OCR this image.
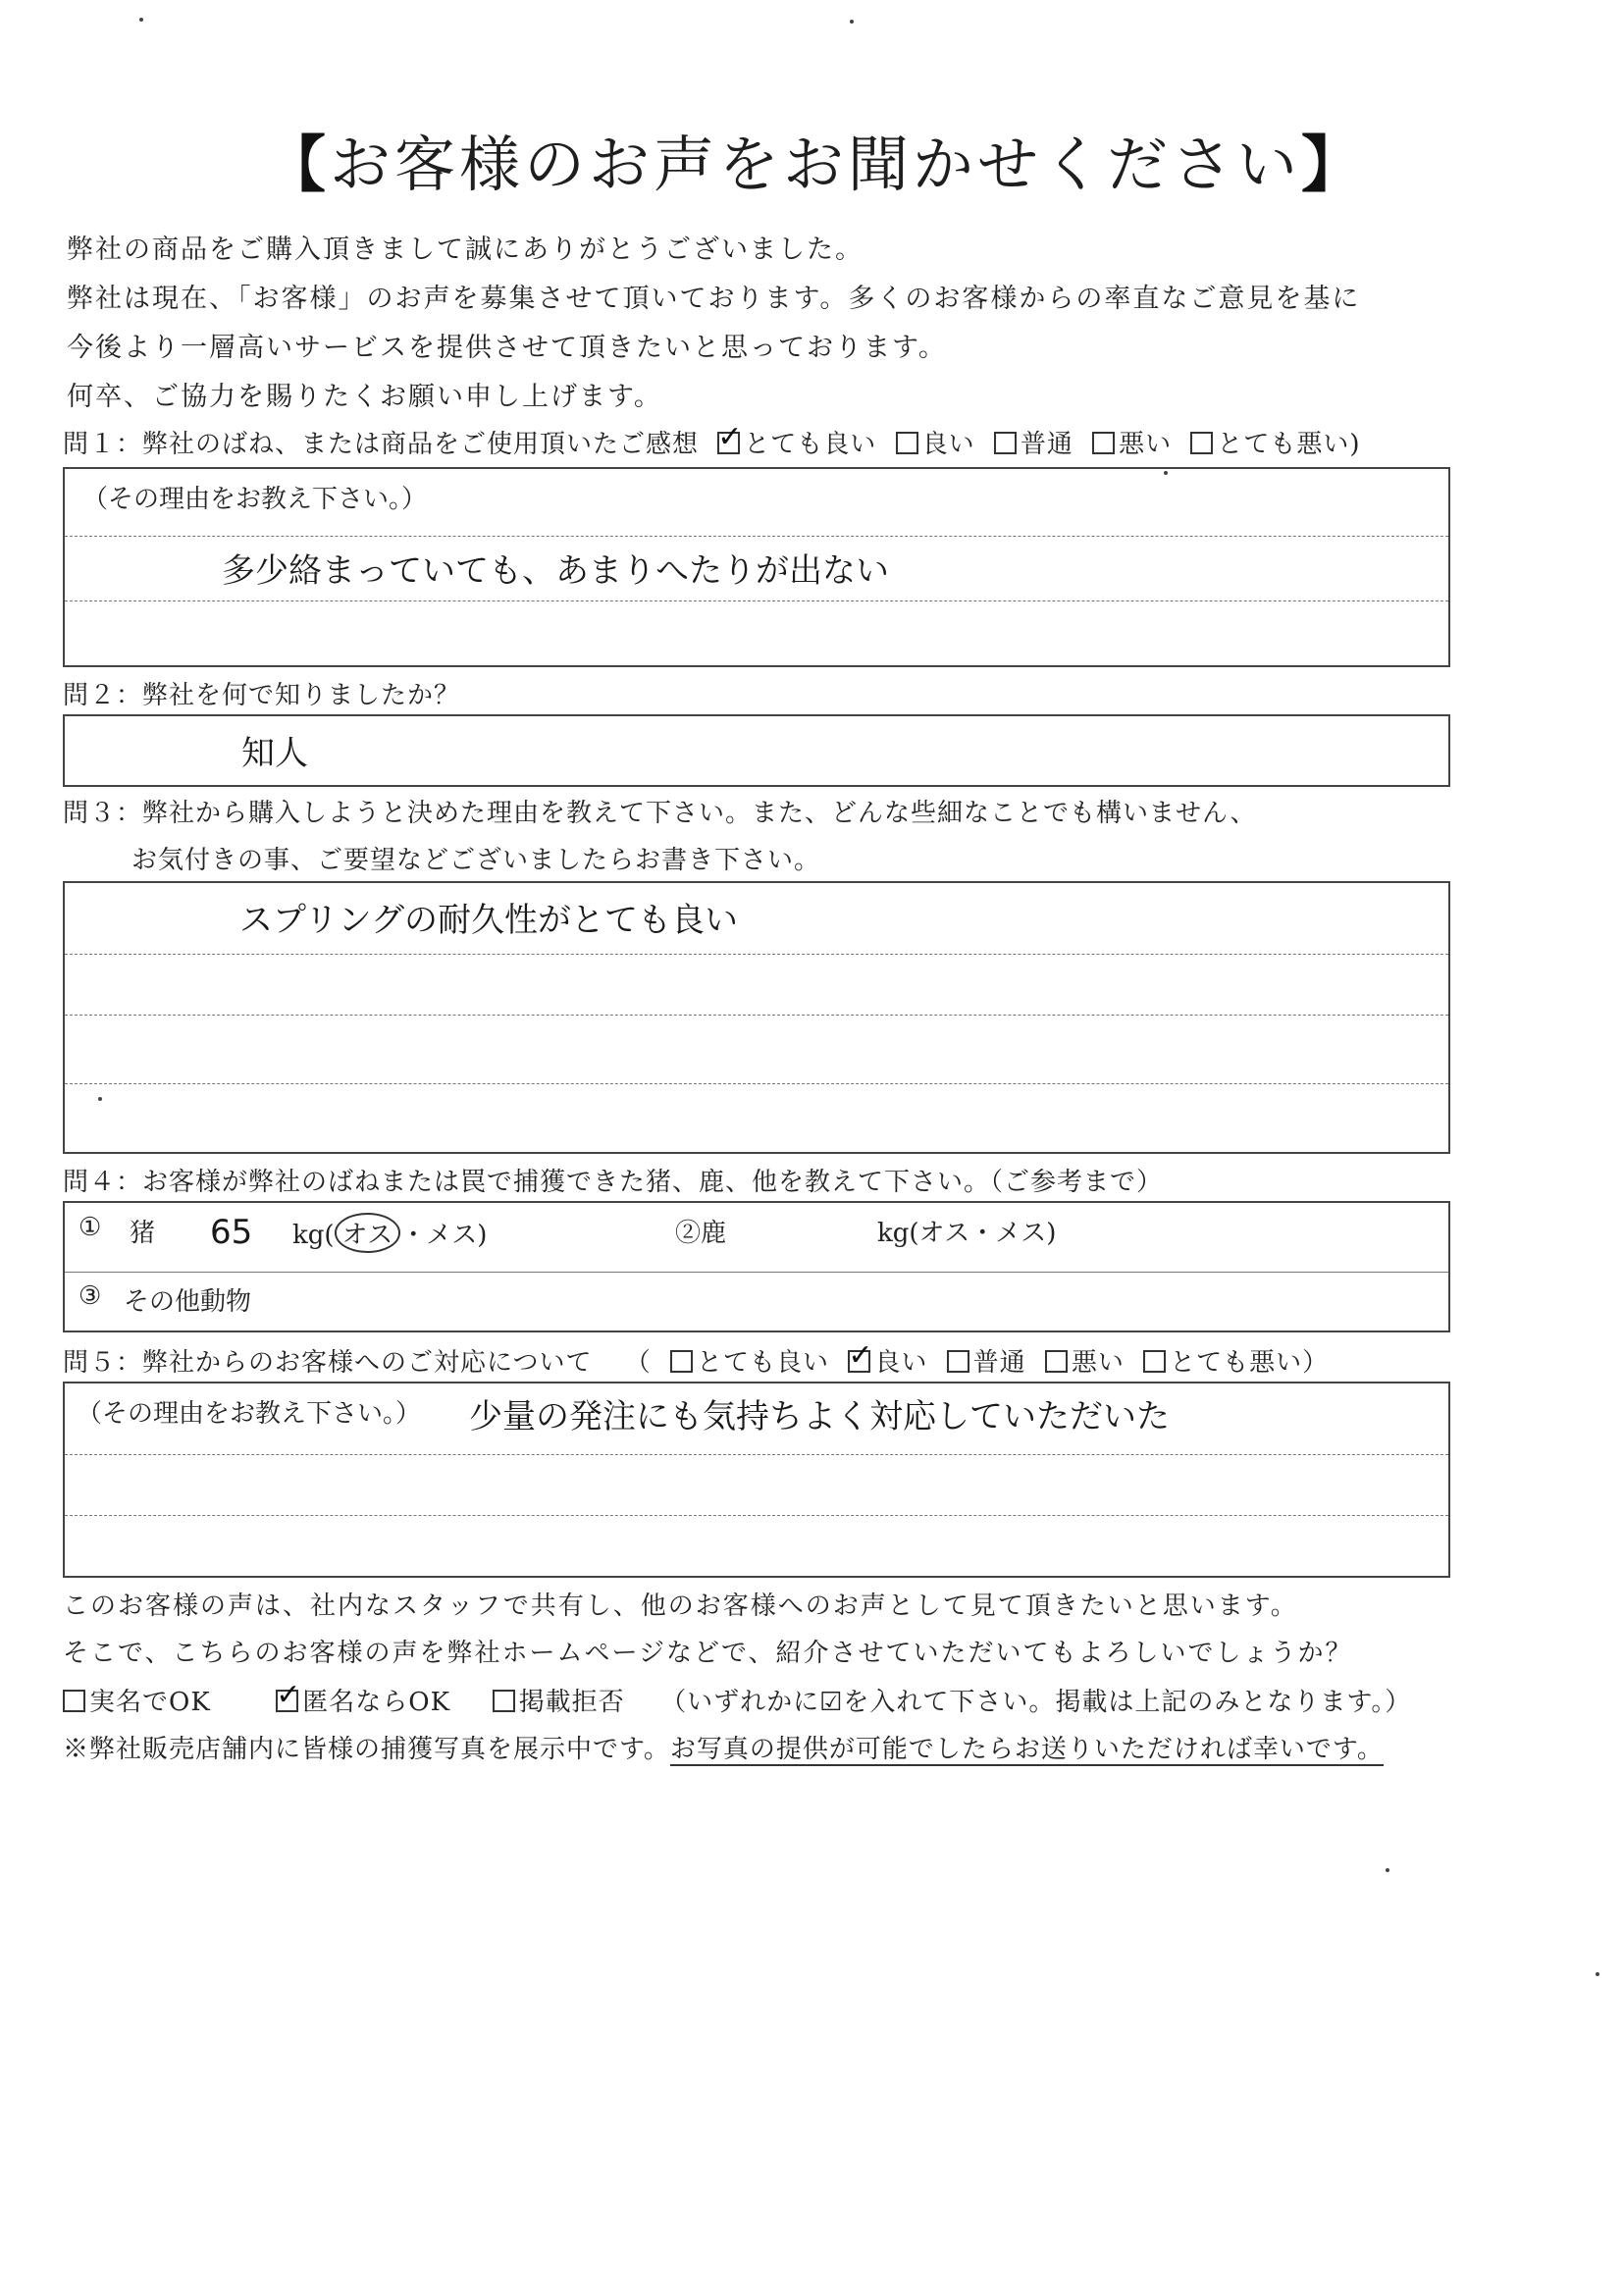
【お客様のお声をお聞かせください】
弊社の商品をご購入頂きまして誠にありがとうございました。
弊社は現在、「お客様」のお声を募集させて頂いております。多くのお客様からの率直なご意見を基に
今後より一層高いサービスを提供させて頂きたいと思っております。
何卒、ご協力を賜りたくお願い申し上げます。
問１：弊社のばね、または商品をご使用頂いたご感想 ✓ とても良い 良い 普通 悪い とても悪い)
（その理由をお教え下さい。）
多少絡まっていても、あまりへたりが出ない
問２：弊社を何で知りましたか？
知人
問３：弊社から購入しようと決めた理由を教えて下さい。また、どんな些細なことでも構いません、
お気付きの事、ご要望などございましたらお書き下さい。
スプリングの耐久性がとても良い
問４：お客様が弊社のばねまたは罠で捕獲できた猪、鹿、他を教えて下さい。（ご参考まで）
① 猪 65 kg( オス ・メス)	②鹿	kg(オス・メス)
③ その他動物
問５：弊社からのお客様へのご対応について （ とても良い ✓ 良い 普通 悪い とても悪い）
（その理由をお教え下さい。） 少量の発注にも気持ちよく対応していただいた
このお客様の声は、社内なスタッフで共有し、他のお客様へのお声として見て頂きたいと思います。
そこで、こちらのお客様の声を弊社ホームページなどで、紹介させていただいてもよろしいでしょうか？
実名でOK ✓	匿名ならOK	掲載拒否 （いずれかに☑を入れて下さい。掲載は上記のみとなります。）
※弊社販売店舗内に皆様の捕獲写真を展示中です。お写真の提供が可能でしたらお送りいただければ幸いです。
